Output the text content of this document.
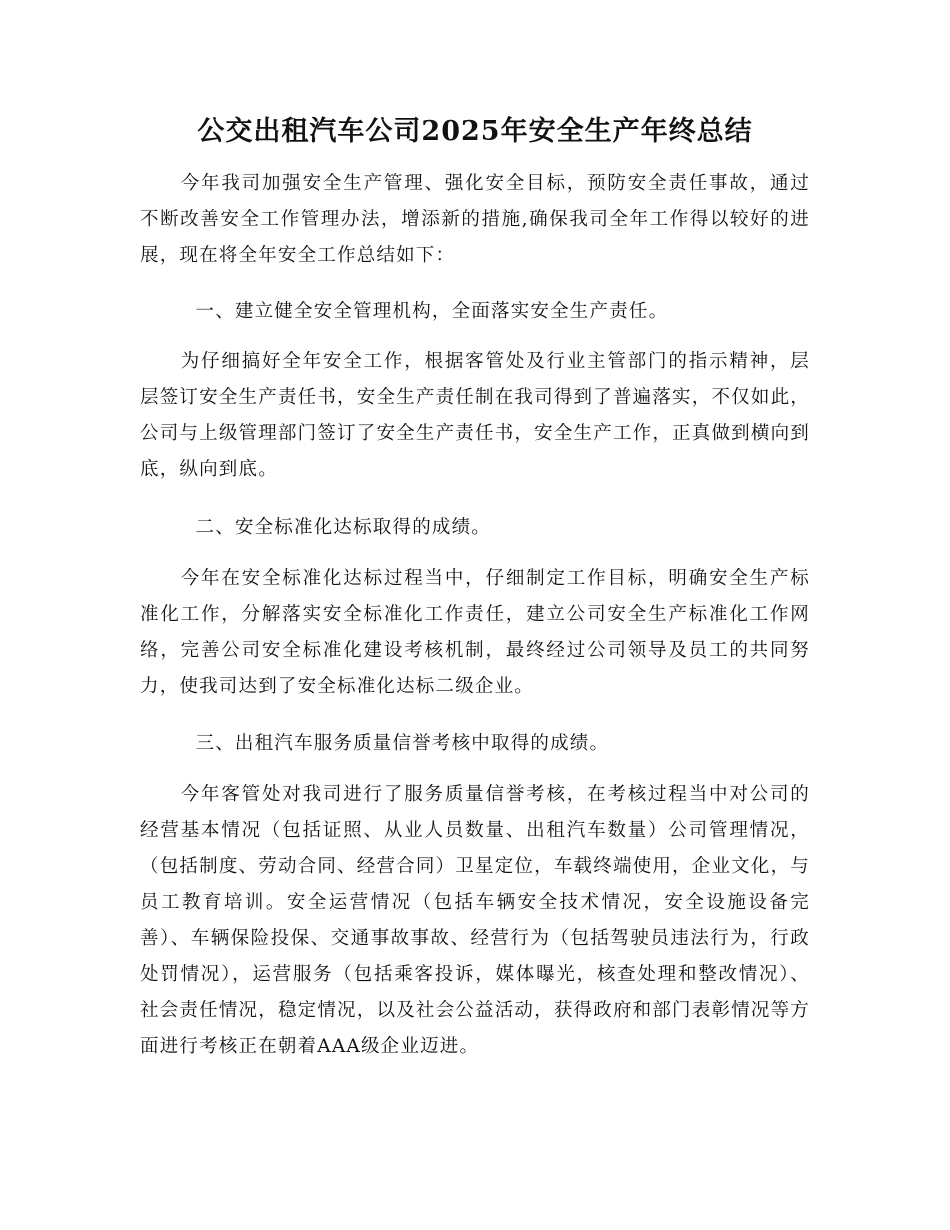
公交出租汽车公司2025年安全生产年终总结

今年我司加强安全生产管理、强化安全目标，预防安全责任事故，通过不断改善安全工作管理办法，增添新的措施,确保我司全年工作得以较好的进展，现在将全年安全工作总结如下：

一、建立健全安全管理机构，全面落实安全生产责任。

为仔细搞好全年安全工作，根据客管处及行业主管部门的指示精神，层层签订安全生产责任书，安全生产责任制在我司得到了普遍落实，不仅如此，公司与上级管理部门签订了安全生产责任书，安全生产工作，正真做到横向到底，纵向到底。

二、安全标准化达标取得的成绩。

今年在安全标准化达标过程当中，仔细制定工作目标，明确安全生产标准化工作，分解落实安全标准化工作责任，建立公司安全生产标准化工作网络，完善公司安全标准化建设考核机制，最终经过公司领导及员工的共同努力，使我司达到了安全标准化达标二级企业。

三、出租汽车服务质量信誉考核中取得的成绩。

今年客管处对我司进行了服务质量信誉考核，在考核过程当中对公司的经营基本情况（包括证照、从业人员数量、出租汽车数量）公司管理情况，（包括制度、劳动合同、经营合同）卫星定位，车载终端使用，企业文化，与员工教育培训。安全运营情况（包括车辆安全技术情况，安全设施设备完善）、车辆保险投保、交通事故事故、经营行为（包括驾驶员违法行为，行政处罚情况），运营服务（包括乘客投诉，媒体曝光，核查处理和整改情况）、社会责任情况，稳定情况，以及社会公益活动，获得政府和部门表彰情况等方面进行考核正在朝着AAA级企业迈进。
